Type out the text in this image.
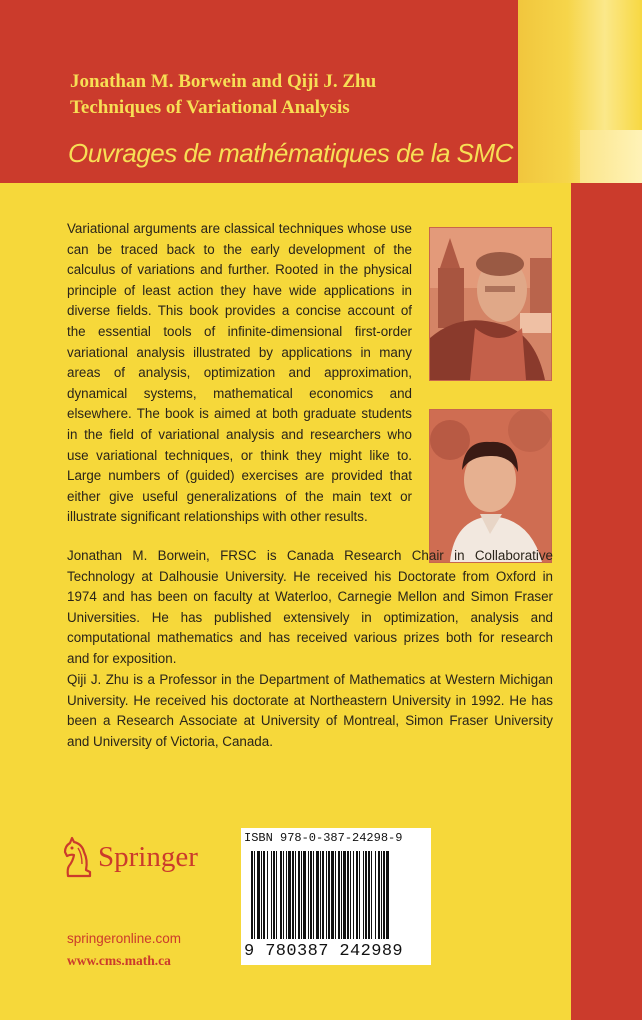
Jonathan M. Borwein and Qiji J. Zhu

Techniques of Variational Analysis

Ouvrages de mathématiques de la SMC

Variational arguments are classical techniques whose use can be traced back to the early development of the calculus of variations and further. Rooted in the physical principle of least action they have wide applications in diverse fields. This book provides a concise account of the essential tools of infinite-dimensional first-order variational analysis illustrated by applications in many areas of analysis, optimization and approximation, dynamical systems, mathematical economics and elsewhere. The book is aimed at both graduate students in the field of variational analysis and researchers who use variational techniques, or think they might like to. Large numbers of (guided) exercises are provided that either give useful generalizations of the main text or illustrate significant relationships with other results.

Jonathan M. Borwein, FRSC is Canada Research Chair in Collaborative Technology at Dalhousie University. He received his Doctorate from Oxford in 1974 and has been on faculty at Waterloo, Carnegie Mellon and Simon Fraser Universities. He has published extensively in optimization, analysis and computational mathematics and has received various prizes both for research and for exposition.

Qiji J. Zhu is a Professor in the Department of Mathematics at Western Michigan University. He received his doctorate at Northeastern University in 1992. He has been a Research Associate at University of Montreal, Simon Fraser University and University of Victoria, Canada.

Springer

springeronline.com

www.cms.math.ca

ISBN 978-0-387-24298-9

9 780387 242989
